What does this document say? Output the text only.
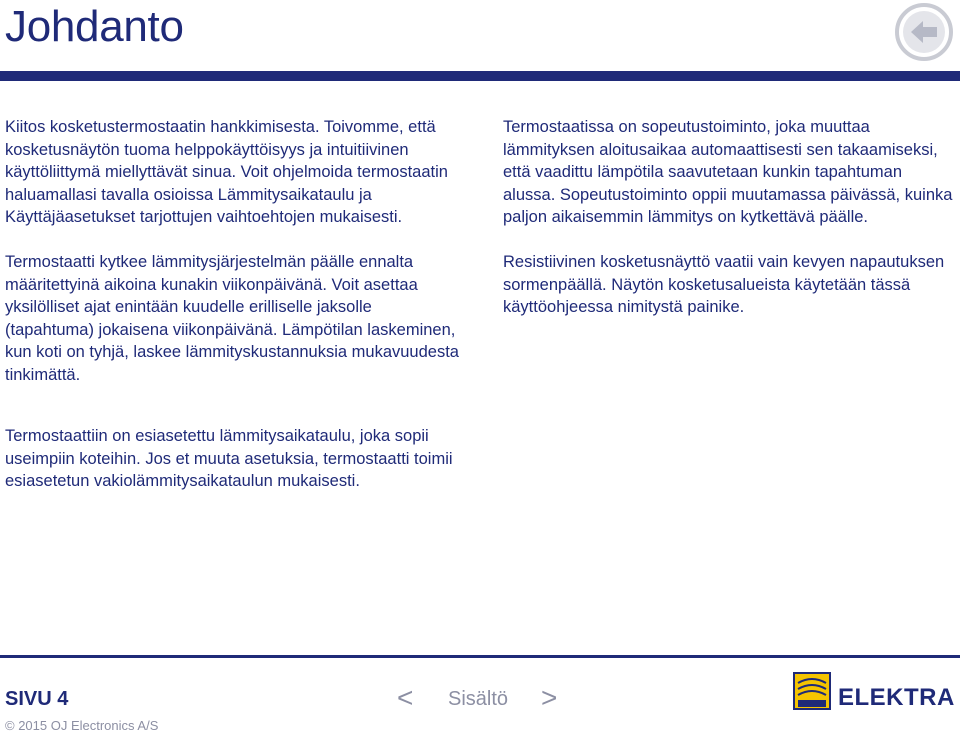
Johdanto

Kiitos kosketustermostaatin hankkimisesta. Toivomme, että kosketusnäytön tuoma helppokäyttöisyys ja intuitiivinen käyttöliittymä miellyttävät sinua. Voit ohjelmoida termostaatin haluamallasi tavalla osioissa Lämmitysaikataulu ja Käyttäjäasetukset tarjottujen vaihtoehtojen mukaisesti.

Termostaatti kytkee lämmitysjärjestelmän päälle ennalta määritettyinä aikoina kunakin viikonpäivänä. Voit asettaa yksilölliset ajat enintään kuudelle erilliselle jaksolle (tapahtuma) jokaisena viikonpäivänä. Lämpötilan laskeminen, kun koti on tyhjä, laskee lämmityskustannuksia mukavuudesta tinkimättä.

Termostaattiin on esiasetettu lämmitysaikataulu, joka sopii useimpiin koteihin. Jos et muuta asetuksia, termostaatti toimii esiasetetun vakiolämmitysaikataulun mukaisesti.

Termostaatissa on sopeutustoiminto, joka muuttaa lämmityksen aloitusaikaa automaattisesti sen takaamiseksi, että vaadittu lämpötila saavutetaan kunkin tapahtuman alussa. Sopeutustoiminto oppii muutamassa päivässä, kuinka paljon aikaisemmin lämmitys on kytkettävä päälle.

Resistiivinen kosketusnäyttö vaatii vain kevyen napautuksen sormenpäällä. Näytön kosketusalueista käytetään tässä käyttöohjeessa nimitystä painike.

SIVU 4	< Sisältö >
© 2015 OJ Electronics A/S
ELEKTRA
